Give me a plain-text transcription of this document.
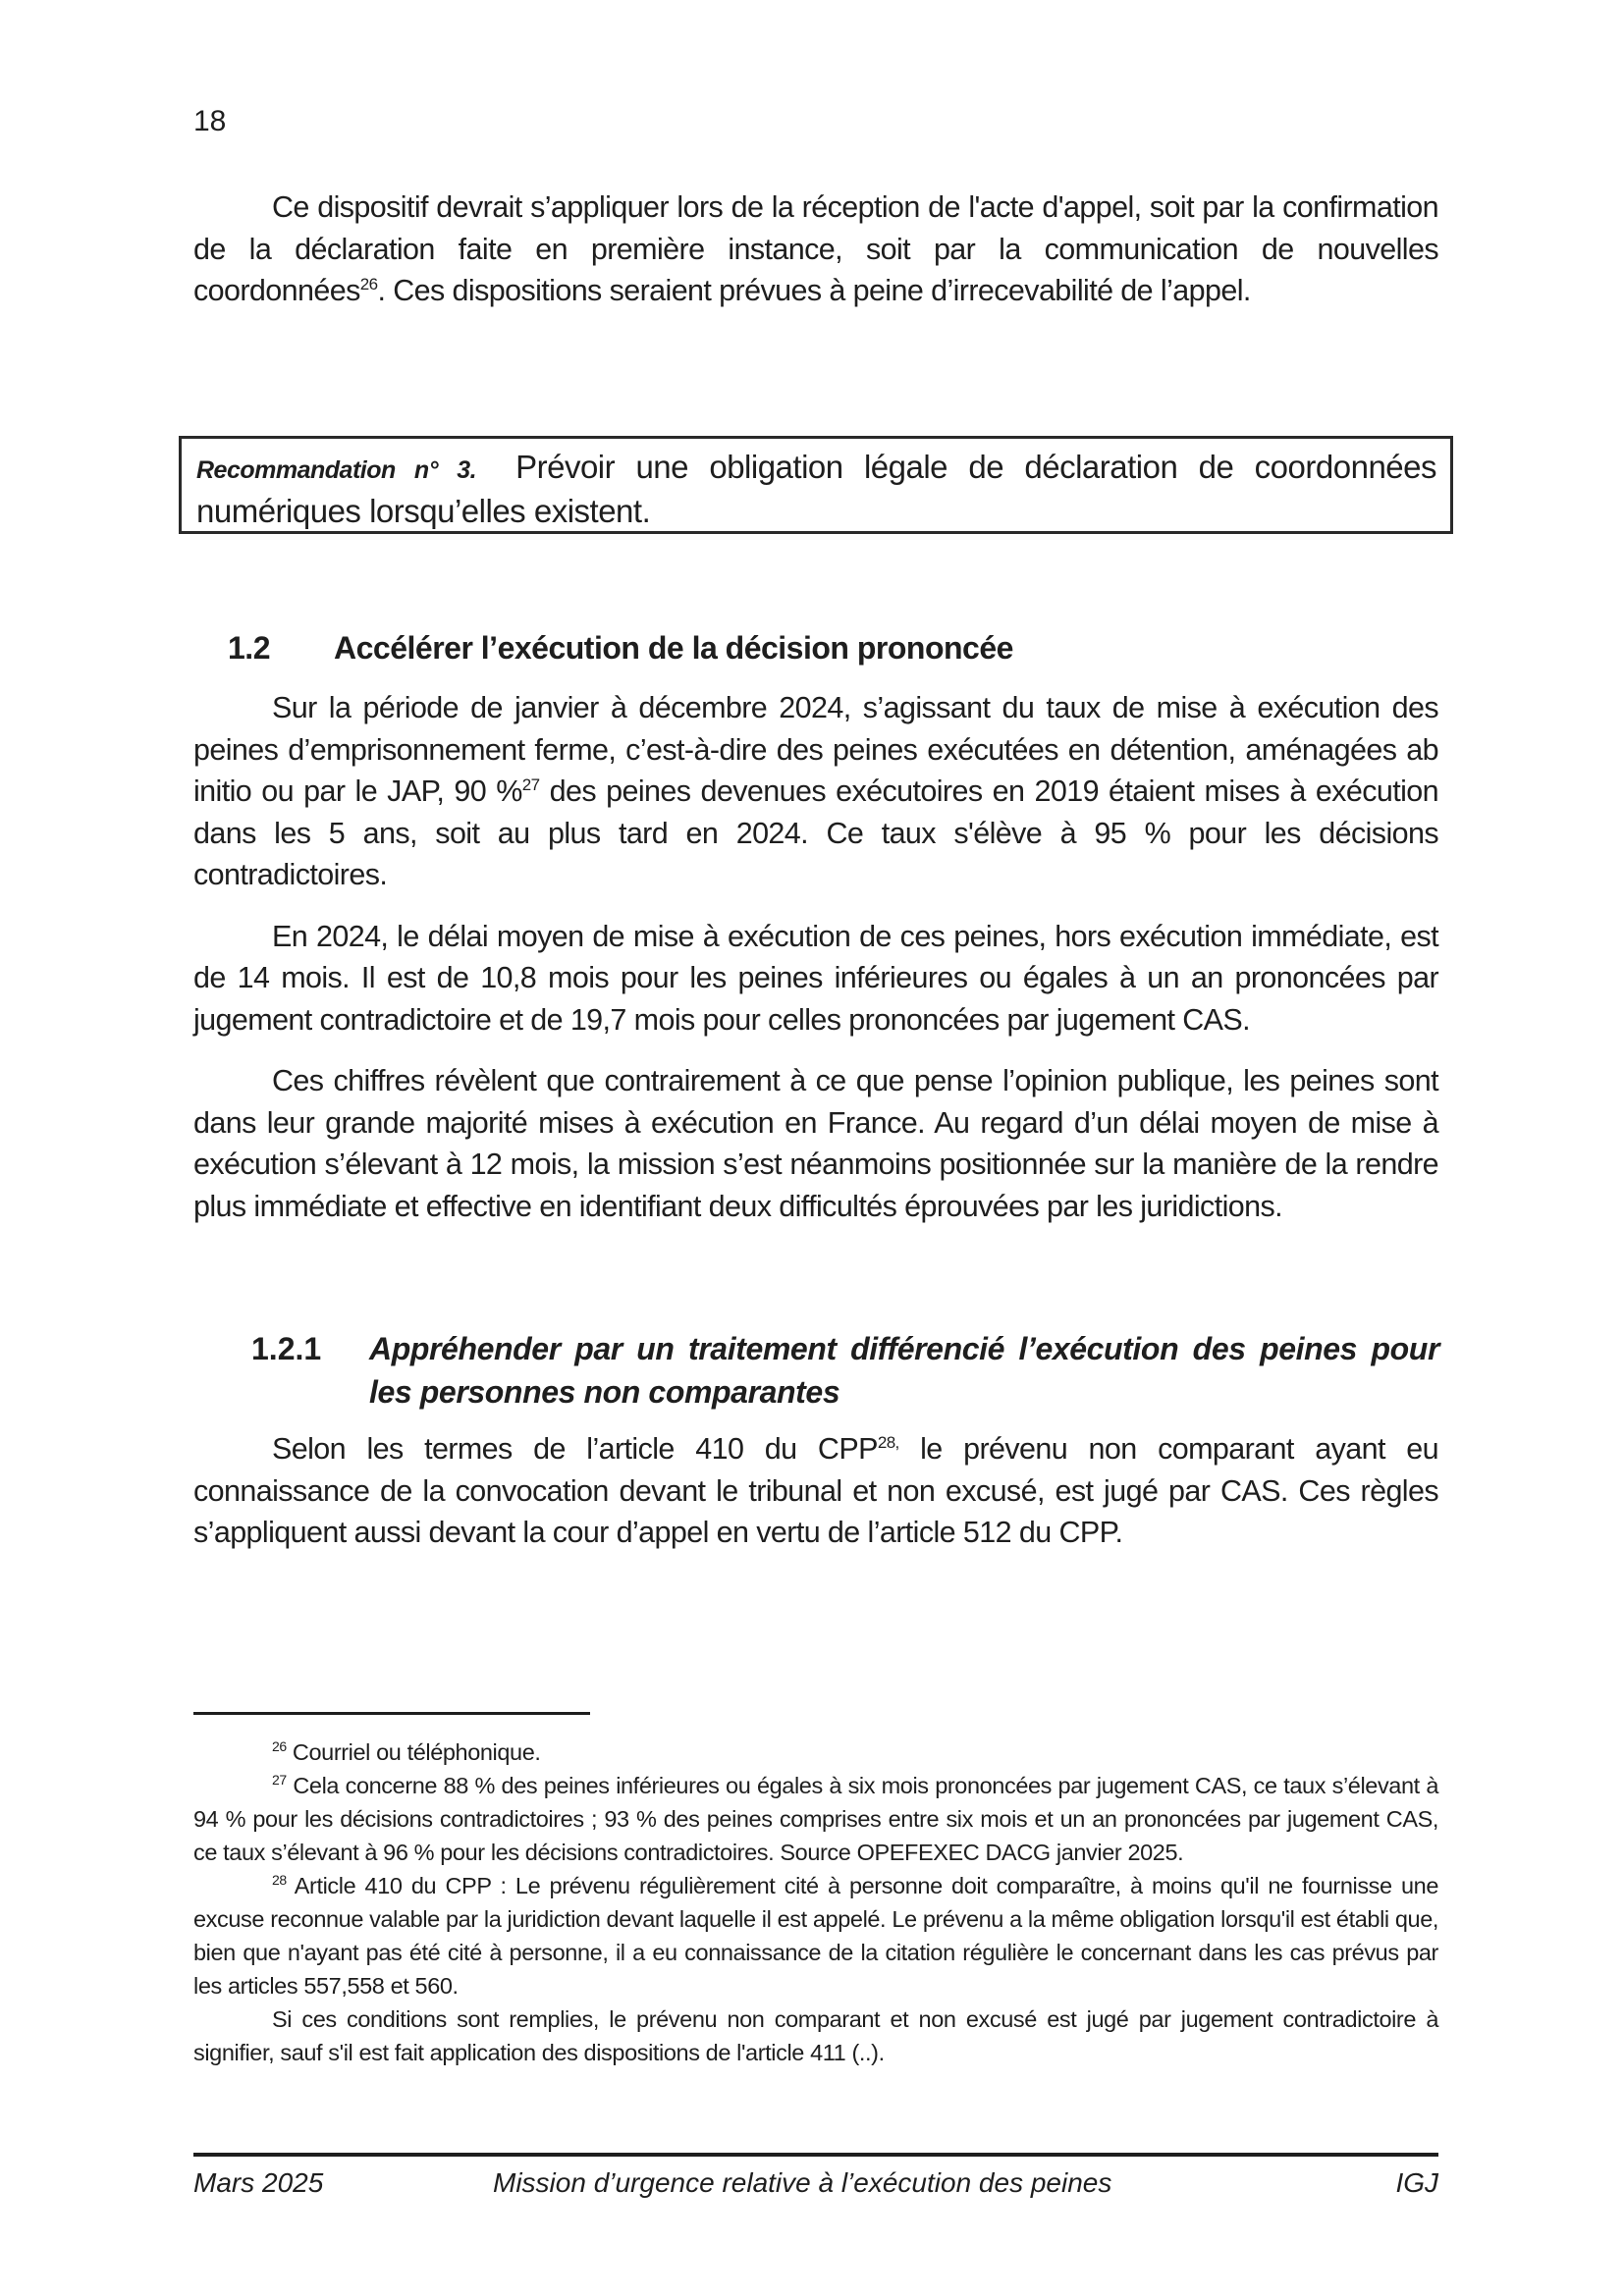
18

Ce dispositif devrait s’appliquer lors de la réception de l'acte d'appel, soit par la confirmation de la déclaration faite en première instance, soit par la communication de nouvelles coordonnées$^{26}$. Ces dispositions seraient prévues à peine d’irrecevabilité de l’appel.

Recommandation n° 3. Prévoir une obligation légale de déclaration de coordonnées numériques lorsqu’elles existent.
1.2 Accélérer l’exécution de la décision prononcée

Sur la période de janvier à décembre 2024, s’agissant du taux de mise à exécution des peines d’emprisonnement ferme, c’est-à-dire des peines exécutées en détention, aménagées ab initio ou par le JAP, 90 %$^{27}$ des peines devenues exécutoires en 2019 étaient mises à exécution dans les 5 ans, soit au plus tard en 2024. Ce taux s'élève à 95 % pour les décisions contradictoires.

En 2024, le délai moyen de mise à exécution de ces peines, hors exécution immédiate, est de 14 mois. Il est de 10,8 mois pour les peines inférieures ou égales à un an prononcées par jugement contradictoire et de 19,7 mois pour celles prononcées par jugement CAS.

Ces chiffres révèlent que contrairement à ce que pense l’opinion publique, les peines sont dans leur grande majorité mises à exécution en France. Au regard d’un délai moyen de mise à exécution s’élevant à 12 mois, la mission s’est néanmoins positionnée sur la manière de la rendre plus immédiate et effective en identifiant deux difficultés éprouvées par les juridictions.

1.2.1	Appréhender par un traitement différencié l’exécution des peines pour les personnes non comparantes

Selon les termes de l’article 410 du $CPP^{28,}$ le prévenu non comparant ayant eu connaissance de la convocation devant le tribunal et non excusé, est jugé par CAS. Ces règles s’appliquent aussi devant la cour d’appel en vertu de l’article 512 du CPP.

$^{26}$ Courriel ou téléphonique.

$^{27}$ Cela concerne 88 % des peines inférieures ou égales à six mois prononcées par jugement CAS, ce taux s’élevant à 94 % pour les décisions contradictoires ; 93 % des peines comprises entre six mois et un an prononcées par jugement CAS, ce taux s’élevant à 96 % pour les décisions contradictoires. Source OPEFEXEC DACG janvier 2025.

$^{28}$ Article 410 du CPP : Le prévenu régulièrement cité à personne doit comparaître, à moins qu'il ne fournisse une excuse reconnue valable par la juridiction devant laquelle il est appelé. Le prévenu a la même obligation lorsqu'il est établi que, bien que n'ayant pas été cité à personne, il a eu connaissance de la citation régulière le concernant dans les cas prévus par les articles 557,558 et 560.

Si ces conditions sont remplies, le prévenu non comparant et non excusé est jugé par jugement contradictoire à signifier, sauf s'il est fait application des dispositions de l'article 411 (..).

Mars 2025	Mission d’urgence relative à l’exécution des peines	IGJ
